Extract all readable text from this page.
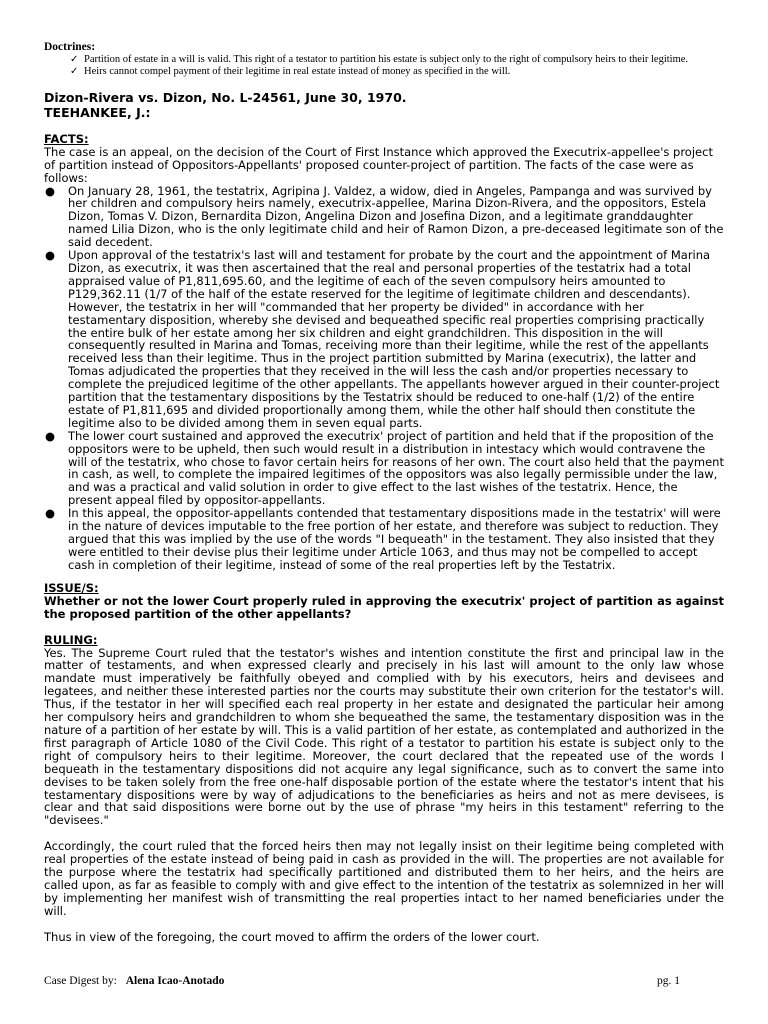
Doctrines:

✓ Partition of estate in a will is valid. This right of a testator to partition his estate is subject only to the right of compulsory heirs to their legitime.
✓ Heirs cannot compel payment of their legitime in real estate instead of money as specified in the will.
Dizon-Rivera vs. Dizon, No. L-24561, June 30, 1970.
TEEHANKEE, J.:

FACTS:

The case is an appeal, on the decision of the Court of First Instance which approved the Executrix-appellee's project of partition instead of Oppositors-Appellants' proposed counter-project of partition. The facts of the case were as follows:

● On January 28, 1961, the testatrix, Agripina J. Valdez, a widow, died in Angeles, Pampanga and was survived by her children and compulsory heirs namely, executrix-appellee, Marina Dizon-Rivera, and the oppositors, Estela Dizon, Tomas V. Dizon, Bernardita Dizon, Angelina Dizon and Josefina Dizon, and a legitimate granddaughter named Lilia Dizon, who is the only legitimate child and heir of Ramon Dizon, a pre-deceased legitimate son of the said decedent.
● Upon approval of the testatrix's last will and testament for probate by the court and the appointment of Marina Dizon, as executrix, it was then ascertained that the real and personal properties of the testatrix had a total appraised value of P1,811,695.60, and the legitime of each of the seven compulsory heirs amounted to P129,362.11 (1/7 of the half of the estate reserved for the legitime of legitimate children and descendants). However, the testatrix in her will "commanded that her property be divided" in accordance with her testamentary disposition, whereby she devised and bequeathed specific real properties comprising practically the entire bulk of her estate among her six children and eight grandchildren. This disposition in the will consequently resulted in Marina and Tomas, receiving more than their legitime, while the rest of the appellants received less than their legitime. Thus in the project partition submitted by Marina (executrix), the latter and Tomas adjudicated the properties that they received in the will less the cash and/or properties necessary to complete the prejudiced legitime of the other appellants. The appellants however argued in their counter-project partition that the testamentary dispositions by the Testatrix should be reduced to one-half (1/2) of the entire estate of P1,811,695 and divided proportionally among them, while the other half should then constitute the legitime also to be divided among them in seven equal parts.
● The lower court sustained and approved the executrix' project of partition and held that if the proposition of the oppositors were to be upheld, then such would result in a distribution in intestacy which would contravene the will of the testatrix, who chose to favor certain heirs for reasons of her own. The court also held that the payment in cash, as well, to complete the impaired legitimes of the oppositors was also legally permissible under the law, and was a practical and valid solution in order to give effect to the last wishes of the testatrix. Hence, the present appeal filed by oppositor-appellants.
● In this appeal, the oppositor-appellants contended that testamentary dispositions made in the testatrix' will were in the nature of devices imputable to the free portion of her estate, and therefore was subject to reduction. They argued that this was implied by the use of the words "I bequeath" in the testament. They also insisted that they were entitled to their devise plus their legitime under Article 1063, and thus may not be compelled to accept cash in completion of their legitime, instead of some of the real properties left by the Testatrix.

ISSUE/S:

Whether or not the lower Court properly ruled in approving the executrix' project of partition as against the proposed partition of the other appellants?

RULING:

Yes. The Supreme Court ruled that the testator's wishes and intention constitute the first and principal law in the matter of testaments, and when expressed clearly and precisely in his last will amount to the only law whose mandate must imperatively be faithfully obeyed and complied with by his executors, heirs and devisees and legatees, and neither these interested parties nor the courts may substitute their own criterion for the testator's will. Thus, if the testator in her will specified each real property in her estate and designated the particular heir among her compulsory heirs and grandchildren to whom she bequeathed the same, the testamentary disposition was in the nature of a partition of her estate by will. This is a valid partition of her estate, as contemplated and authorized in the first paragraph of Article 1080 of the Civil Code. This right of a testator to partition his estate is subject only to the right of compulsory heirs to their legitime. Moreover, the court declared that the repeated use of the words I bequeath in the testamentary dispositions did not acquire any legal significance, such as to convert the same into devises to be taken solely from the free one-half disposable portion of the estate where the testator's intent that his testamentary dispositions were by way of adjudications to the beneficiaries as heirs and not as mere devisees, is clear and that said dispositions were borne out by the use of phrase "my heirs in this testament" referring to the "devisees."

Accordingly, the court ruled that the forced heirs then may not legally insist on their legitime being completed with real properties of the estate instead of being paid in cash as provided in the will. The properties are not available for the purpose where the testatrix had specifically partitioned and distributed them to her heirs, and the heirs are called upon, as far as feasible to comply with and give effect to the intention of the testatrix as solemnized in her will by implementing her manifest wish of transmitting the real properties intact to her named beneficiaries under the will.

Thus in view of the foregoing, the court moved to affirm the orders of the lower court.

Case Digest by: Alena Icao-Anotado	pg. 1
